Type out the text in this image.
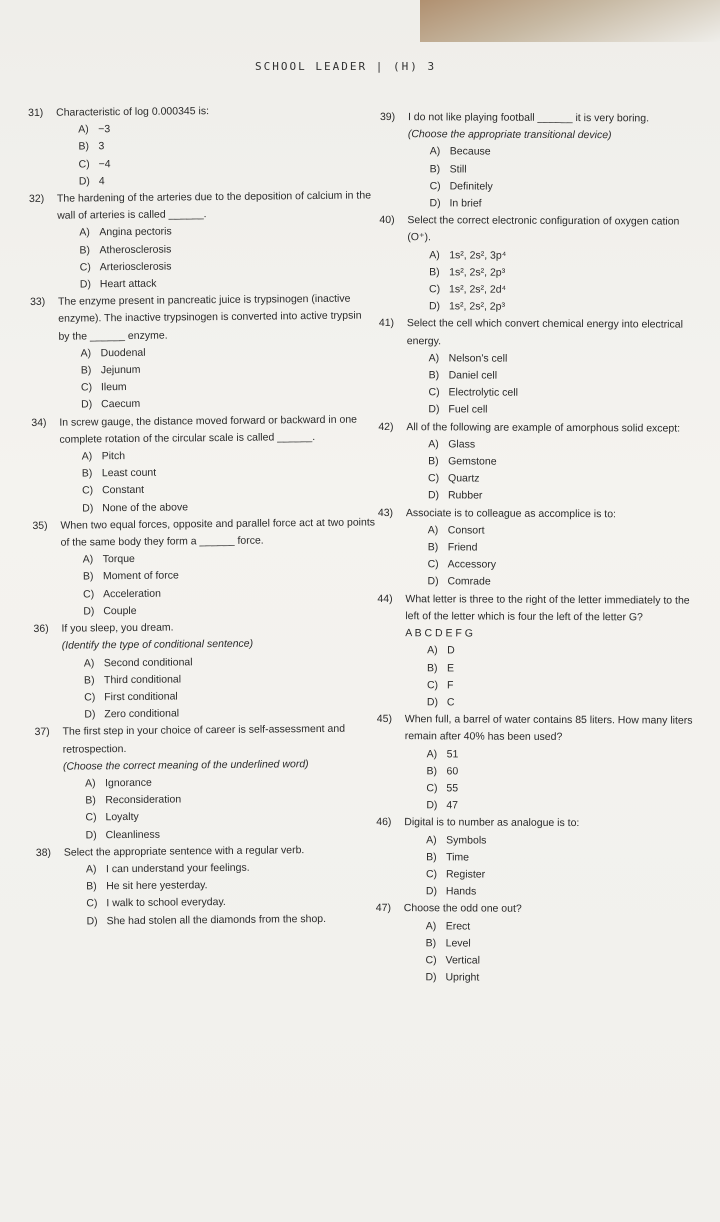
SCHOOL LEADER | (H) 3
31) Characteristic of log 0.000345 is:
A) −3
B) 3
C) −4
D) 4
32) The hardening of the arteries due to the deposition of calcium in the wall of arteries is called ______.
A) Angina pectoris
B) Atherosclerosis
C) Arteriosclerosis
D) Heart attack
33) The enzyme present in pancreatic juice is trypsinogen (inactive enzyme). The inactive trypsinogen is converted into active trypsin by the ______ enzyme.
A) Duodenal
B) Jejunum
C) Ileum
D) Caecum
34) In screw gauge, the distance moved forward or backward in one complete rotation of the circular scale is called ______.
A) Pitch
B) Least count
C) Constant
D) None of the above
35) When two equal forces, opposite and parallel force act at two points of the same body they form a ______ force.
A) Torque
B) Moment of force
C) Acceleration
D) Couple
36) If you sleep, you dream.
(Identify the type of conditional sentence)
A) Second conditional
B) Third conditional
C) First conditional
D) Zero conditional
37) The first step in your choice of career is self-assessment and retrospection.
(Choose the correct meaning of the underlined word)
A) Ignorance
B) Reconsideration
C) Loyalty
D) Cleanliness
38) Select the appropriate sentence with a regular verb.
A) I can understand your feelings.
B) He sit here yesterday.
C) I walk to school everyday.
D) She had stolen all the diamonds from the shop.
39) I do not like playing football ______ it is very boring.
(Choose the appropriate transitional device)
A) Because
B) Still
C) Definitely
D) In brief
40) Select the correct electronic configuration of oxygen cation (O⁺).
A) 1s², 2s², 3p⁴
B) 1s², 2s², 2p³
C) 1s², 2s², 2d⁴
D) 1s², 2s², 2p³
41) Select the cell which convert chemical energy into electrical energy.
A) Nelson's cell
B) Daniel cell
C) Electrolytic cell
D) Fuel cell
42) All of the following are example of amorphous solid except:
A) Glass
B) Gemstone
C) Quartz
D) Rubber
43) Associate is to colleague as accomplice is to:
A) Consort
B) Friend
C) Accessory
D) Comrade
44) What letter is three to the right of the letter immediately to the left of the letter which is four the left of the letter G?
A B C D E F G
A) D
B) E
C) F
D) C
45) When full, a barrel of water contains 85 liters. How many liters remain after 40% has been used?
A) 51
B) 60
C) 55
D) 47
46) Digital is to number as analogue is to:
A) Symbols
B) Time
C) Register
D) Hands
47) Choose the odd one out?
A) Erect
B) Level
C) Vertical
D) Upright
